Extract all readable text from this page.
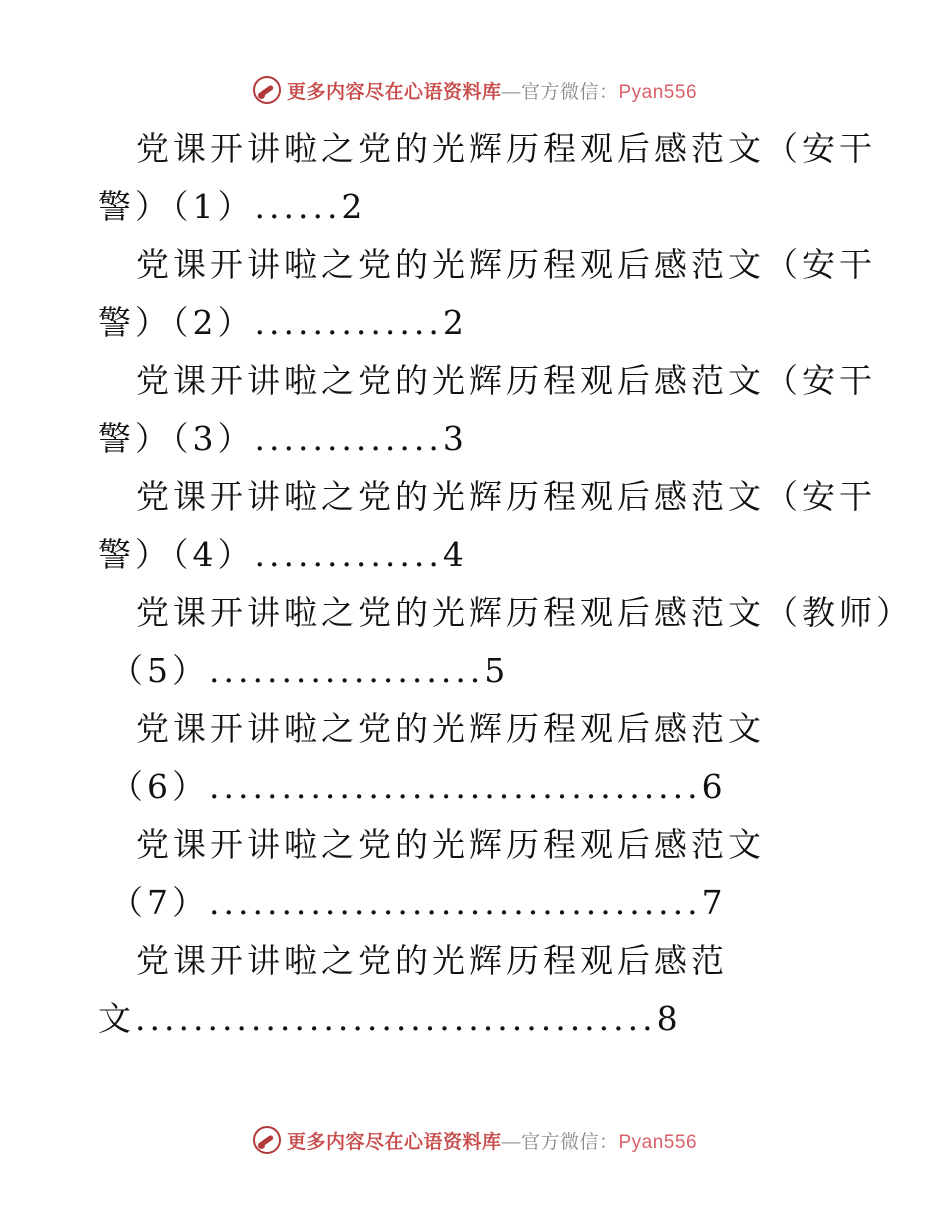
更多内容尽在心语资料库—官方微信：Pyan556
党课开讲啦之党的光辉历程观后感范文（安干
警）（1）......2
党课开讲啦之党的光辉历程观后感范文（安干
警）（2）.............2
党课开讲啦之党的光辉历程观后感范文（安干
警）（3）.............3
党课开讲啦之党的光辉历程观后感范文（安干
警）（4）.............4
党课开讲啦之党的光辉历程观后感范文（教师）
（5）...................5
党课开讲啦之党的光辉历程观后感范文
（6）..................................6
党课开讲啦之党的光辉历程观后感范文
（7）..................................7
党课开讲啦之党的光辉历程观后感范
文....................................8
更多内容尽在心语资料库—官方微信：Pyan556
